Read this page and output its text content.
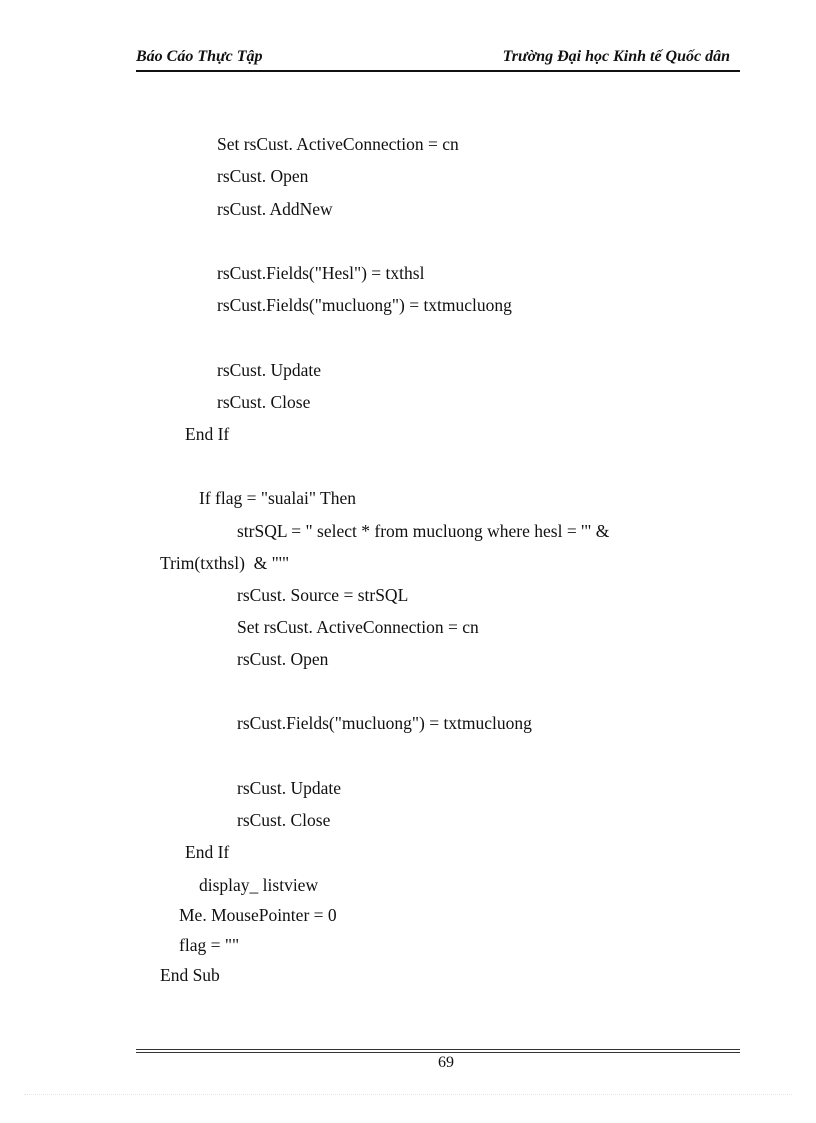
Báo Cáo Thực Tập	Trường Đại học Kinh tế Quốc dân
Set rsCust. ActiveConnection = cn
rsCust. Open
rsCust. AddNew
rsCust.Fields("Hesl") = txthsl
rsCust.Fields("mucluong") = txtmucluong
rsCust. Update
rsCust. Close
End If
If flag = "sualai" Then
strSQL = " select * from mucluong where hesl = '" &
Trim(txthsl)  & "'"
rsCust. Source = strSQL
Set rsCust. ActiveConnection = cn
rsCust. Open
rsCust.Fields("mucluong") = txtmucluong
rsCust. Update
rsCust. Close
End If
display_ listview
Me. MousePointer = 0
flag = ""
End Sub
69
